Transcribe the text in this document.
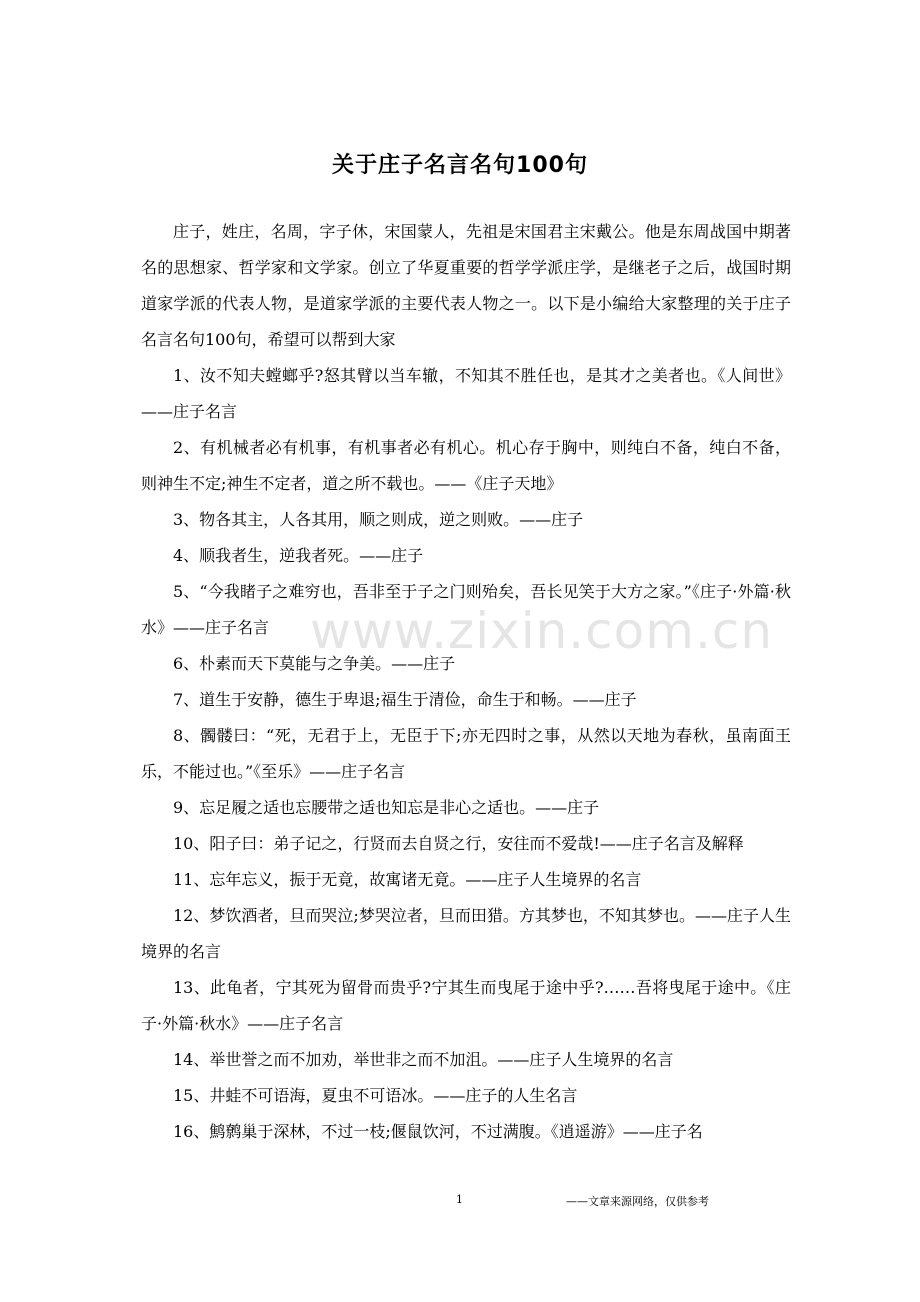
关于庄子名言名句100句

庄子，姓庄，名周，字子休，宋国蒙人，先祖是宋国君主宋戴公。他是东周战国中期著名的思想家、哲学家和文学家。创立了华夏重要的哲学学派庄学，是继老子之后，战国时期道家学派的代表人物，是道家学派的主要代表人物之一。以下是小编给大家整理的关于庄子名言名句100句，希望可以帮到大家

1、汝不知夫螳螂乎?怒其臂以当车辙，不知其不胜任也，是其才之美者也。《人间世》——庄子名言

2、有机械者必有机事，有机事者必有机心。机心存于胸中，则纯白不备，纯白不备，则神生不定;神生不定者，道之所不载也。——《庄子天地》

3、物各其主，人各其用，顺之则成，逆之则败。——庄子

4、顺我者生，逆我者死。——庄子

5、“今我睹子之难穷也，吾非至于子之门则殆矣，吾长见笑于大方之家。”《庄子·外篇·秋水》——庄子名言

6、朴素而天下莫能与之争美。——庄子

7、道生于安静，德生于卑退;福生于清俭，命生于和畅。——庄子

8、髑髅曰：“死，无君于上，无臣于下;亦无四时之事，从然以天地为春秋，虽南面王乐，不能过也。”《至乐》——庄子名言

9、忘足履之适也忘腰带之适也知忘是非心之适也。——庄子

10、阳子曰：弟子记之，行贤而去自贤之行，安往而不爱哉!——庄子名言及解释

11、忘年忘义，振于无竟，故寓诸无竟。——庄子人生境界的名言

12、梦饮酒者，旦而哭泣;梦哭泣者，旦而田猎。方其梦也，不知其梦也。——庄子人生境界的名言

13、此龟者，宁其死为留骨而贵乎?宁其生而曳尾于途中乎?……吾将曳尾于途中。《庄子·外篇·秋水》——庄子名言

14、举世誉之而不加劝，举世非之而不加沮。——庄子人生境界的名言

15、井蛙不可语海，夏虫不可语冰。——庄子的人生名言

16、鹪鹩巢于深林，不过一枝;偃鼠饮河，不过满腹。《逍遥游》——庄子名

www.zixin.com.cn
1	——文章来源网络，仅供参考
